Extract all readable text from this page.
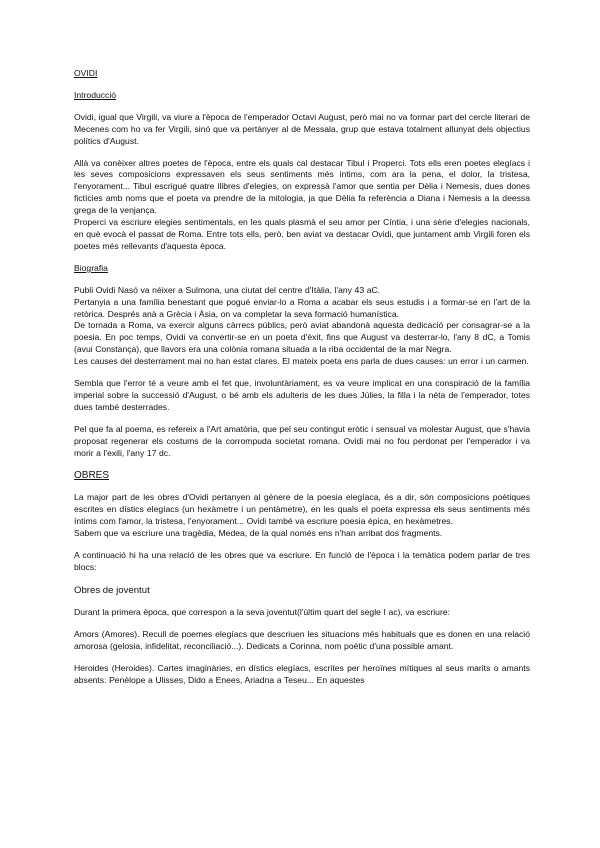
OVIDI

Introducció

Ovidi, igual que Virgili, va viure a l'època de l'emperador Octavi August, però mai no va formar part del cercle literari de Mecenes com ho va fer Virgili, sinó que va pertànyer al de Messala, grup que estava totalment allunyat dels objectius polítics d'August.

Allà va conèixer altres poetes de l'època, entre els quals cal destacar Tibul i Properci. Tots ells eren poetes elegíacs i les seves composicions expressaven els seus sentiments més íntims, com ara la pena, el dolor, la tristesa, l'enyorament... Tibul escrigué quatre llibres d'elegies, on expressà l'amor que sentia per Dèlia i Nemesis, dues dones fictícies amb noms que el poeta va prendre de la mitologia, ja que Dèlia fa referència a Diana i Nemesis a la deessa grega de la venjança.

Properci va escriure elegies sentimentals, en les quals plasmà el seu amor per Cíntia, i una sèrie d'elegies nacionals, en què evocà el passat de Roma. Entre tots ells, però, ben aviat va destacar Ovidi, que juntament amb Virgili foren els poetes més rellevants d'aquesta època.

Biografia

Publi Ovidi Nasó va néixer a Sulmona, una ciutat del centre d'Itàlia, l'any 43 aC.

Pertanyia a una família benestant que pogué enviar-lo a Roma a acabar els seus estudis i a formar-se en l'art de la retòrica. Després anà a Grècia i Àsia, on va completar la seva formació humanística.

De tornada a Roma, va exercir alguns càrrecs públics, però aviat abandonà aquesta dedicació per consagrar-se a la poesia. En poc temps, Ovidi va convertir-se en un poeta d'èxit, fins que August va desterrar-lo, l'any 8 dC, a Tomis (avui Constança), que llavors era una colònia romana situada a la riba occidental de la mar Negra.

Les causes del desterrament mai no han estat clares. El mateix poeta ens parla de dues causes: un error i un carmen.

Sembla que l'error té a veure amb el fet que, involuntàriament, es va veure implicat en una conspiració de la família imperial sobre la successió d'August, o bé amb els adulteris de les dues Júlies, la filla i la néta de l'emperador, totes dues també desterrades.

Pel que fa al poema, es refereix a l'Art amatòria, que pel seu contingut eròtic i sensual va molestar August, que s'havia proposat regenerar els costums de la corrompuda societat romana. Ovidi mai no fou perdonat per l'emperador i va morir a l'exili, l'any 17 dc.

OBRES

La major part de les obres d'Ovidi pertanyen al gènere de la poesia elegíaca, és a dir, són composicions poètiques escrites en dístics elegíacs (un hexàmetre i un pentàmetre), en les quals el poeta expressa els seus sentiments més íntims com l'amor, la tristesa, l'enyorament... Ovidi també va escriure poesia èpica, en hexàmetres.

Sabem que va escriure una tragèdia, Medea, de la qual només ens n'han arribat dos fragments.

A continuació hi ha una relació de les obres que va escriure. En funció de l'època i la temàtica podem parlar de tres blocs:

Obres de joventut

Durant la primera època, que correspon a la seva joventut(l'últim quart del segle I ac), va escriure:

Amors (Amores). Recull de poemes elegíacs que descriuen les situacions més habituals que es donen en una relació amorosa (gelosia, infidelitat, reconciliació...). Dedicats a Corinna, nom poètic d'una possible amant.

Heroides (Heroides). Cartes imaginàries, en dístics elegíacs, escrites per heroïnes mítiques al seus marits o amants absents: Penèlope a Ulisses, Dido a Enees, Ariadna a Teseu... En aquestes
